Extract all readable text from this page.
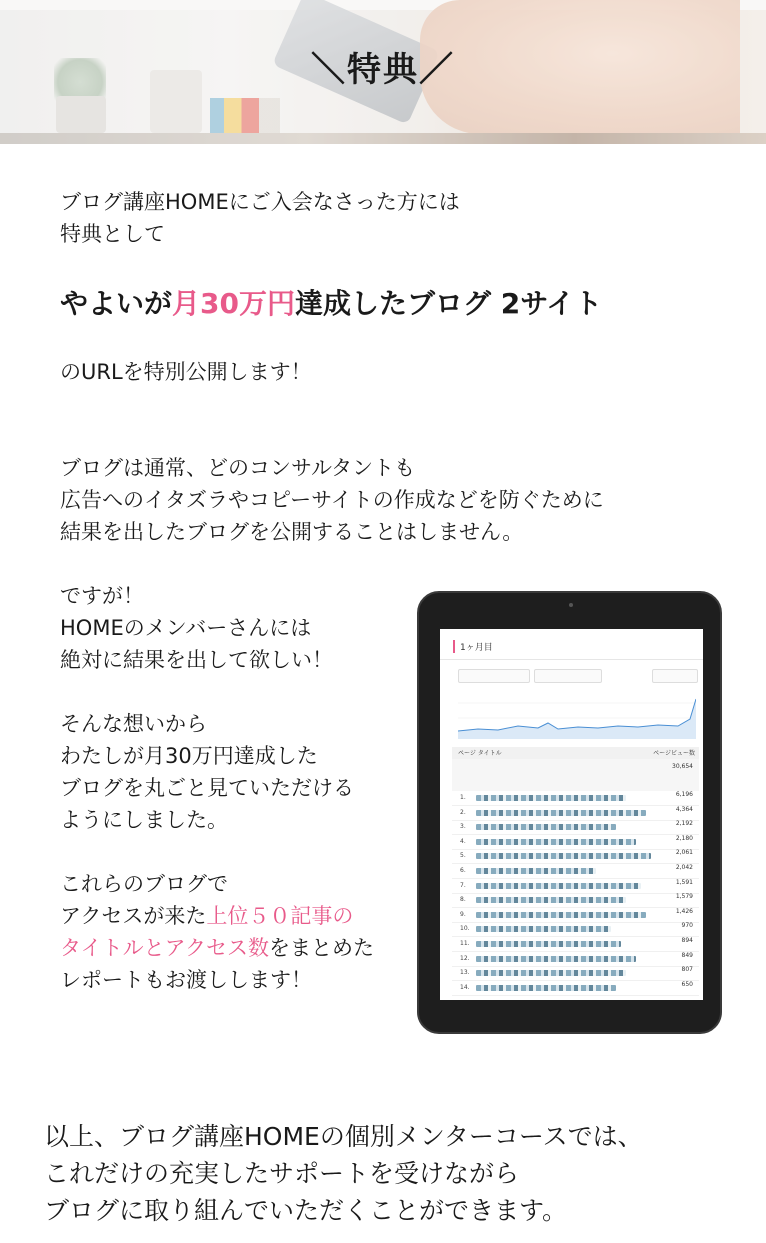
＼特典／
ブログ講座HOMEにご入会なさった方には
特典として
やよいが月30万円達成したブログ 2サイト
のURLを特別公開します！
ブログは通常、どのコンサルタントも
広告へのイタズラやコピーサイトの作成などを防ぐために
結果を出したブログを公開することはしません。
ですが！
HOMEのメンバーさんには
絶対に結果を出して欲しい！
そんな想いから
わたしが月30万円達成した
ブログを丸ごと見ていただける
ようにしました。
これらのブログで
アクセスが来た上位５０記事の
タイトルとアクセス数をまとめた
レポートもお渡しします！
1ヶ月目
ページ タイトル	ページビュー数
30,654
1.	6,196
2.	4,364
3.	2,192
4.	2,180
5.	2,061
6.	2,042
7.	1,591
8.	1,579
9.	1,426
10.	970
11.	894
12.	849
13.	807
14.	650
以上、ブログ講座HOMEの個別メンターコースでは、
これだけの充実したサポートを受けながら
ブログに取り組んでいただくことができます。
